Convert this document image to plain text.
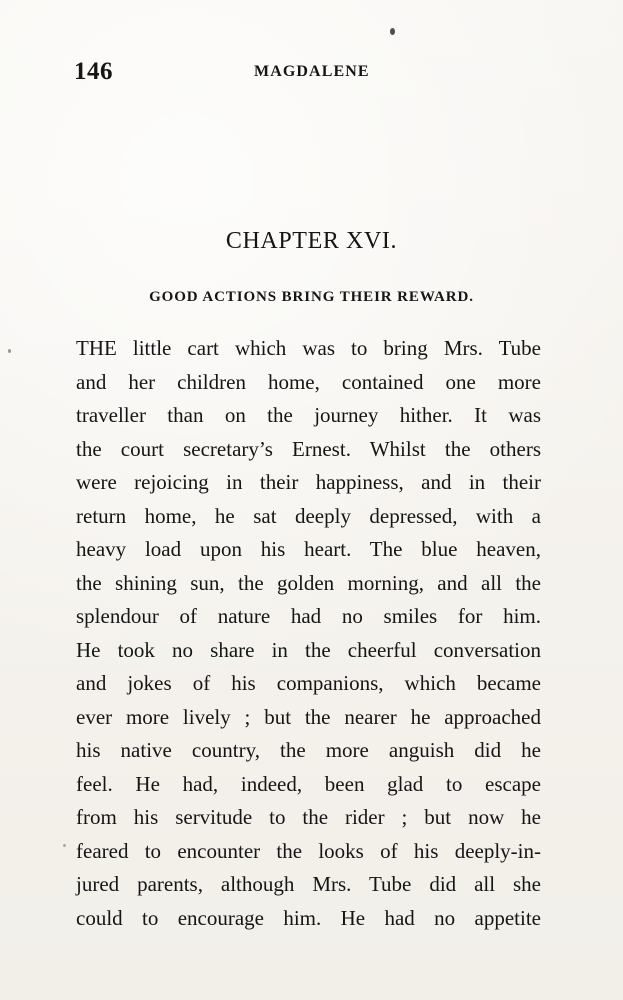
146	MAGDALENE
CHAPTER XVI.
GOOD ACTIONS BRING THEIR REWARD.
THE little cart which was to bring Mrs. Tube
and her children home, contained one more
traveller than on the journey hither. It was
the court secretary’s Ernest. Whilst the others
were rejoicing in their happiness, and in their
return home, he sat deeply depressed, with a
heavy load upon his heart. The blue heaven,
the shining sun, the golden morning, and all the
splendour of nature had no smiles for him.
He took no share in the cheerful conversation
and jokes of his companions, which became
ever more lively ; but the nearer he approached
his native country, the more anguish did he
feel. He had, indeed, been glad to escape
from his servitude to the rider ; but now he
feared to encounter the looks of his deeply-in-
jured parents, although Mrs. Tube did all she
could to encourage him. He had no appetite
